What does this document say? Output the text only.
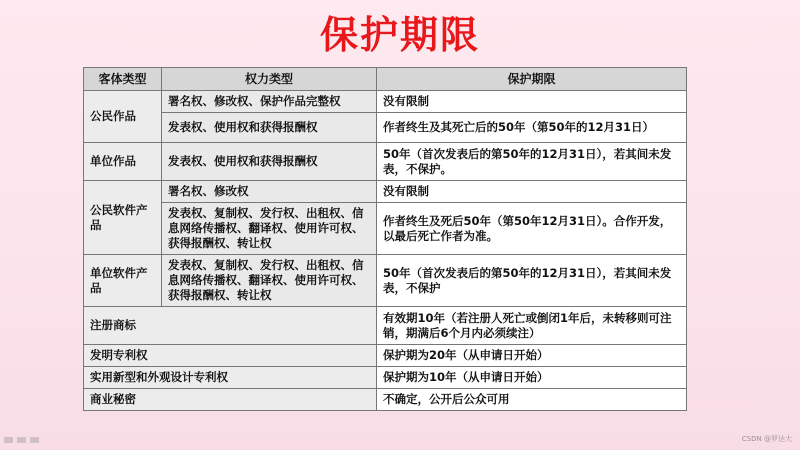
保护期限
客体类型	权力类型	保护期限
公民作品	署名权、修改权、保护作品完整权	没有限制
	发表权、使用权和获得报酬权	作者终生及其死亡后的50年（第50年的12月31日）
单位作品	发表权、使用权和获得报酬权	50年（首次发表后的第50年的12月31日），若其间未发表，不保护。
公民软件产品	署名权、修改权	没有限制
	发表权、复制权、发行权、出租权、信息网络传播权、翻译权、使用许可权、获得报酬权、转让权	作者终生及死后50年（第50年12月31日）。合作开发，以最后死亡作者为准。
单位软件产品	发表权、复制权、发行权、出租权、信息网络传播权、翻译权、使用许可权、获得报酬权、转让权	50年（首次发表后的第50年的12月31日），若其间未发表，不保护
注册商标		有效期10年（若注册人死亡或倒闭1年后，未转移则可注销，期满后6个月内必须续注）
发明专利权		保护期为20年（从申请日开始）
实用新型和外观设计专利权		保护期为10年（从申请日开始）
商业秘密		不确定，公开后公众可用
CSDN @罗达大
